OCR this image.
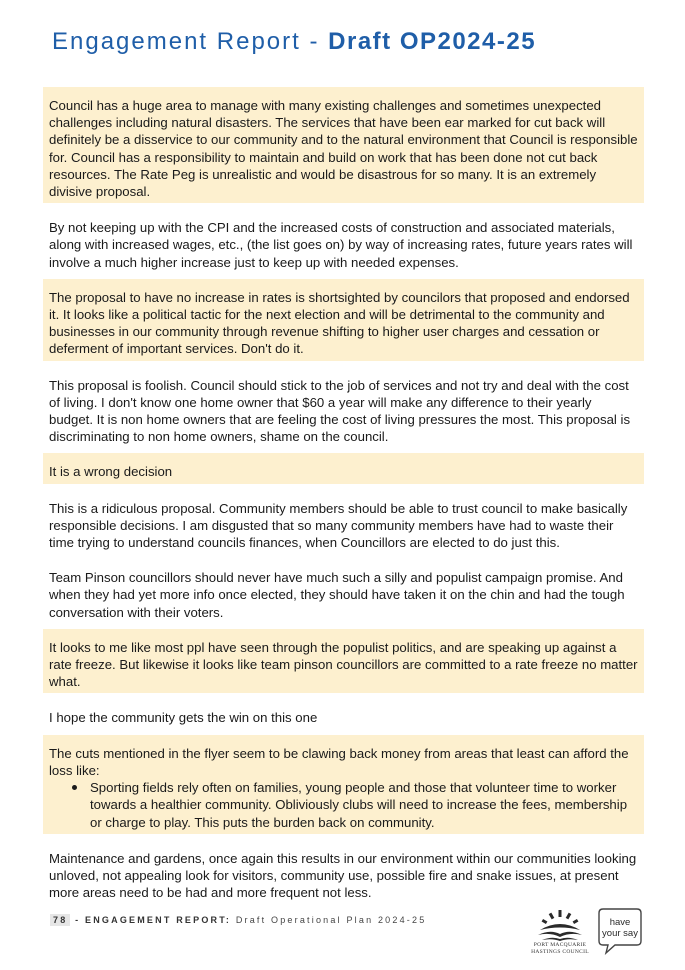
Engagement Report - Draft OP2024-25
Council has a huge area to manage with many existing challenges and sometimes unexpected challenges including natural disasters. The services that have been ear marked for cut back will definitely be a disservice to our community and to the natural environment that Council is responsible for. Council has a responsibility to maintain and build on work that has been done not cut back resources. The Rate Peg is unrealistic and would be disastrous for so many. It is an extremely divisive proposal.
By not keeping up with the CPI and the increased costs of construction and associated materials, along with increased wages, etc., (the list goes on) by way of increasing rates, future years rates will involve a much higher increase just to keep up with needed expenses.
The proposal to have no increase in rates is shortsighted by councilors that proposed and endorsed it. It looks like a political tactic for the next election and will be detrimental to the community and businesses in our community through revenue shifting to higher user charges and cessation or deferment of important services. Don't do it.
This proposal is foolish. Council should stick to the job of services and not try and deal with the cost of living. I don't know one home owner that $60 a year will make any difference to their yearly budget. It is non home owners that are feeling the cost of living pressures the most. This proposal is discriminating to non home owners, shame on the council.
It is a wrong decision
This is a ridiculous proposal. Community members should be able to trust council to make basically responsible decisions. I am disgusted that so many community members have had to waste their time trying to understand councils finances, when Councillors are elected to do just this.
Team Pinson councillors should never have much such a silly and populist campaign promise. And when they had yet more info once elected, they should have taken it on the chin and had the tough conversation with their voters.
It looks to me like most ppl have seen through the populist politics, and are speaking up against a rate freeze. But likewise it looks like team pinson councillors are committed to a rate freeze no matter what.
I hope the community gets the win on this one
The cuts mentioned in the flyer seem to be clawing back money from areas that least can afford the loss like:
Sporting fields rely often on families, young people and those that volunteer time to worker towards a healthier community. Obliviously clubs will need to increase the fees, membership or charge to play. This puts the burden back on community.
Maintenance and gardens, once again this results in our environment within our communities looking unloved, not appealing look for visitors, community use, possible fire and snake issues, at present more areas need to be had and more frequent not less.
78 - ENGAGEMENT REPORT: Draft Operational Plan 2024-25
PORT MACQUARIE
HASTINGS COUNCIL
have
your say
